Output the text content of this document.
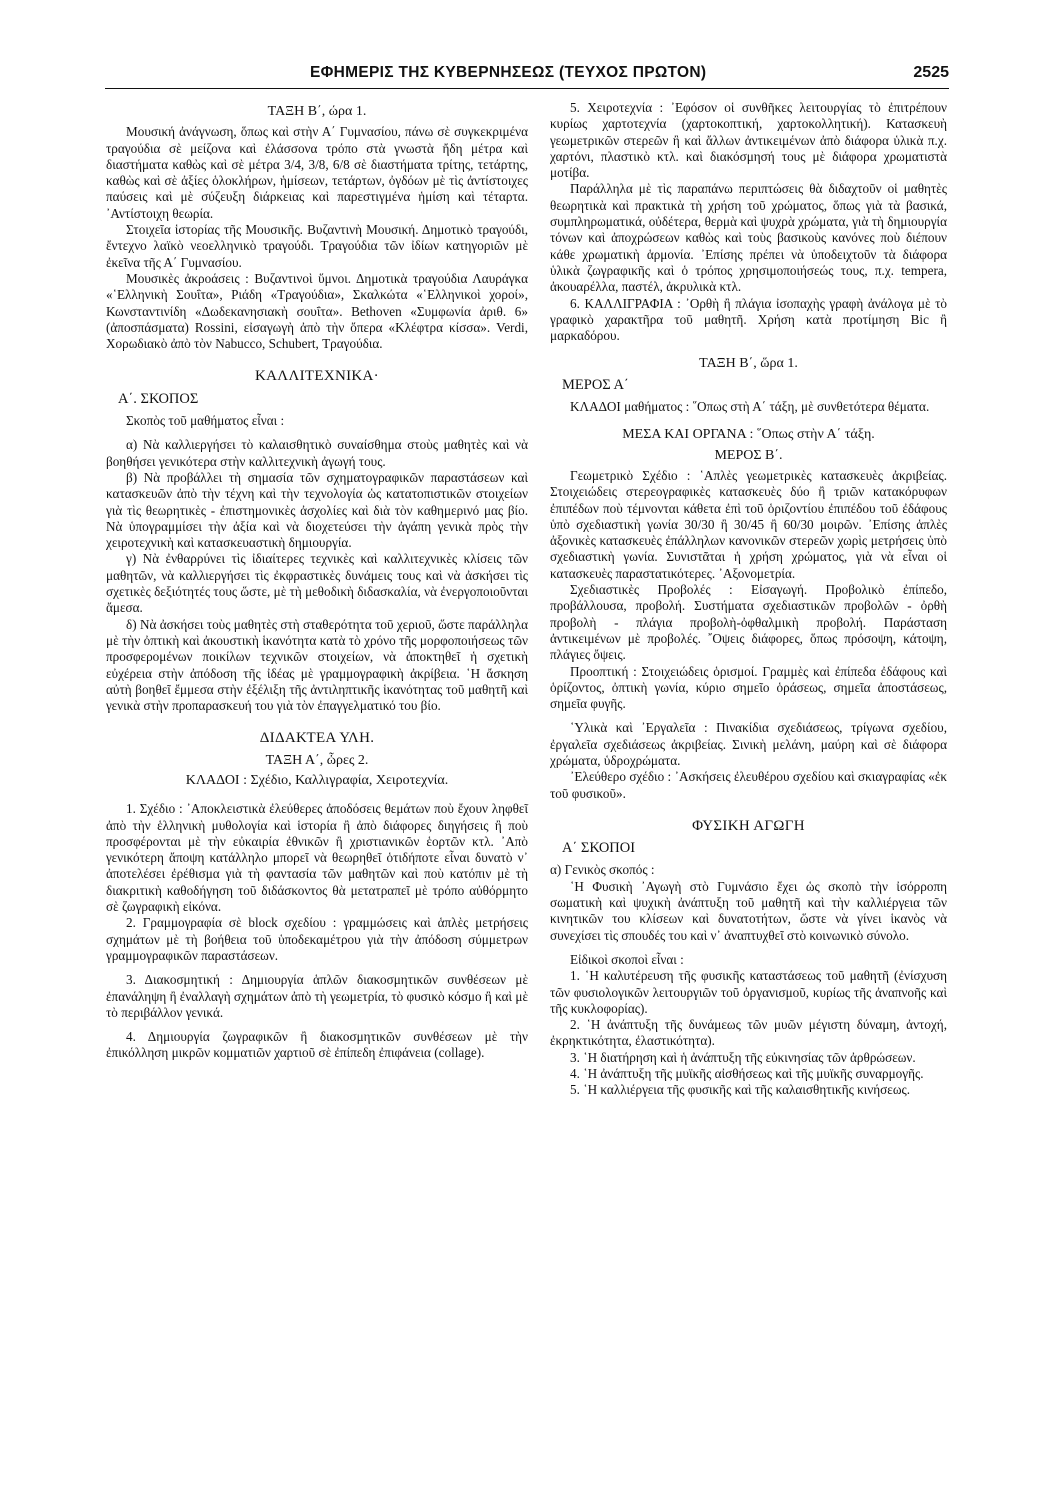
ΕΦΗΜΕΡΙΣ ΤΗΣ ΚΥΒΕΡΝΗΣΕΩΣ (ΤΕΥΧΟΣ ΠΡΩΤΟΝ)	2525

ΤΑΞΗ Β΄, ώρα 1.

Μουσική ἀνάγνωση, ὅπως καὶ στὴν Α΄ Γυμνασίου, πάνω σὲ συγκεκριμένα τραγούδια σὲ μείζονα καὶ ἐλάσσονα τρόπο στὰ γνωστὰ ἤδη μέτρα καὶ διαστήματα καθὼς καὶ σὲ μέτρα 3/4, 3/8, 6/8 σὲ διαστήματα τρίτης, τετάρτης, καθὼς καὶ σὲ ἀξίες ὁλοκλήρων, ἡμίσεων, τετάρτων, ὀγδόων μὲ τὶς ἀντίστοιχες παύσεις καὶ μὲ σύζευξη διάρκειας καὶ παρεστιγμένα ἡμίση καὶ τέταρτα. ᾽Αντίστοιχη θεωρία.

Στοιχεῖα ἱστορίας τῆς Μουσικῆς. Βυζαντινὴ Μουσική. Δημοτικὸ τραγούδι, ἔντεχνο λαϊκὸ νεοελληνικὸ τραγούδι. Τραγούδια τῶν ἰδίων κατηγοριῶν μὲ ἐκεῖνα τῆς Α΄ Γυμνασίου.

Μουσικὲς ἀκροάσεις : Βυζαντινοὶ ὕμνοι. Δημοτικὰ τραγούδια Λαυράγκα «῾Ελληνικὴ Σουΐτα», Ριάδη «Τραγούδια», Σκαλκώτα «῾Ελληνικοὶ χοροί», Κωνσταντινίδη «Δωδεκανησιακὴ σουΐτα». Bethoven «Συμφωνία ἀριθ. 6» (ἀποσπάσματα) Rossini, εἰσαγωγὴ ἀπὸ τὴν ὄπερα «Κλέφτρα κίσσα». Verdi, Χορωδιακὸ ἀπὸ τὸν Nabucco, Schubert, Τραγούδια.

ΚΑΛΛΙΤΕΧΝΙΚΑ·

Α΄. ΣΚΟΠΟΣ

Σκοπὸς τοῦ μαθήματος εἶναι :

α) Νὰ καλλιεργήσει τὸ καλαισθητικὸ συναίσθημα στοὺς μαθητὲς καὶ νὰ βοηθήσει γενικότερα στὴν καλλιτεχνικὴ ἀγωγή τους.

β) Νὰ προβάλλει τὴ σημασία τῶν σχηματογραφικῶν παραστάσεων καὶ κατασκευῶν ἀπὸ τὴν τέχνη καὶ τὴν τεχνολογία ὡς κατατοπιστικῶν στοιχείων γιὰ τὶς θεωρητικὲς - ἐπιστημονικὲς ἀσχολίες καὶ διὰ τὸν καθημερινό μας βίο. Νὰ ὑπογραμμίσει τὴν ἀξία καὶ νὰ διοχετεύσει τὴν ἀγάπη γενικὰ πρὸς τὴν χειροτεχνικὴ καὶ κατασκευαστικὴ δημιουργία.

γ) Νὰ ἐνθαρρύνει τὶς ἰδιαίτερες τεχνικὲς καὶ καλλιτεχνικὲς κλίσεις τῶν μαθητῶν, νὰ καλλιεργήσει τὶς ἐκφραστικὲς δυνάμεις τους καὶ νὰ ἀσκήσει τὶς σχετικὲς δεξιότητές τους ὥστε, μὲ τὴ μεθοδικὴ διδασκαλία, νὰ ἐνεργοποιοῦνται ἄμεσα.

δ) Νὰ ἀσκήσει τοὺς μαθητὲς στὴ σταθερότητα τοῦ χεριοῦ, ὥστε παράλληλα μὲ τὴν ὀπτικὴ καὶ ἀκουστικὴ ἱκανότητα κατὰ τὸ χρόνο τῆς μορφοποιήσεως τῶν προσφερομένων ποικίλων τεχνικῶν στοιχείων, νὰ ἀποκτηθεῖ ἡ σχετικὴ εὐχέρεια στὴν ἀπόδοση τῆς ἰδέας μὲ γραμμογραφικὴ ἀκρίβεια. ῾Η ἄσκηση αὐτὴ βοηθεῖ ἔμμεσα στὴν ἐξέλιξη τῆς ἀντιληπτικῆς ἱκανότητας τοῦ μαθητῆ καὶ γενικὰ στὴν προπαρασκευή του γιὰ τὸν ἐπαγγελματικό του βίο.

ΔΙΔΑΚΤΕΑ ΥΛΗ.

ΤΑΞΗ Α΄, ὧρες 2.

ΚΛΑΔΟΙ : Σχέδιο, Καλλιγραφία, Χειροτεχνία.

1. Σχέδιο : ᾽Αποκλειστικὰ ἐλεύθερες ἀποδόσεις θεμάτων ποὺ ἔχουν ληφθεῖ ἀπὸ τὴν ἑλληνικὴ μυθολογία καὶ ἱστορία ἢ ἀπὸ διάφορες διηγήσεις ἢ ποὺ προσφέρονται μὲ τὴν εὐκαιρία ἐθνικῶν ἢ χριστιανικῶν ἑορτῶν κτλ. ᾽Απὸ γενικότερη ἄποψη κατάλληλο μπορεῖ νὰ θεωρηθεῖ ὁτιδήποτε εἶναι δυνατὸ ν᾽ ἀποτελέσει ἐρέθισμα γιὰ τὴ φαντασία τῶν μαθητῶν καὶ ποὺ κατόπιν μὲ τὴ διακριτικὴ καθοδήγηση τοῦ διδάσκοντος θὰ μετατραπεῖ μὲ τρόπο αὐθόρμητο σὲ ζωγραφικὴ εἰκόνα.

2. Γραμμογραφία σὲ block σχεδίου : γραμμώσεις καὶ ἁπλὲς μετρήσεις σχημάτων μὲ τὴ βοήθεια τοῦ ὑποδεκαμέτρου γιὰ τὴν ἀπόδοση σύμμετρων γραμμογραφικῶν παραστάσεων.

3. Διακοσμητική : Δημιουργία ἁπλῶν διακοσμητικῶν συνθέσεων μὲ ἐπανάληψη ἢ ἐναλλαγὴ σχημάτων ἀπὸ τὴ γεωμετρία, τὸ φυσικὸ κόσμο ἢ καὶ μὲ τὸ περιβάλλον γενικά.

4. Δημιουργία ζωγραφικῶν ἢ διακοσμητικῶν συνθέσεων μὲ τὴν ἐπικόλληση μικρῶν κομματιῶν χαρτιοῦ σὲ ἐπίπεδη ἐπιφάνεια (collage).

5. Χειροτεχνία : ᾽Εφόσον οἱ συνθῆκες λειτουργίας τὸ ἐπιτρέπουν κυρίως χαρτοτεχνία (χαρτοκοπτική, χαρτοκολλητική). Κατασκευὴ γεωμετρικῶν στερεῶν ἢ καὶ ἄλλων ἀντικειμένων ἀπὸ διάφορα ὑλικὰ π.χ. χαρτόνι, πλαστικὸ κτλ. καὶ διακόσμησή τους μὲ διάφορα χρωματιστὰ μοτίβα.

Παράλληλα μὲ τὶς παραπάνω περιπτώσεις θὰ διδαχτοῦν οἱ μαθητὲς θεωρητικὰ καὶ πρακτικὰ τὴ χρήση τοῦ χρώματος, ὅπως γιὰ τὰ βασικά, συμπληρωματικά, οὐδέτερα, θερμὰ καὶ ψυχρὰ χρώματα, γιὰ τὴ δημιουργία τόνων καὶ ἀποχρώσεων καθὼς καὶ τοὺς βασικοὺς κανόνες ποὺ διέπουν κάθε χρωματικὴ ἁρμονία. ᾽Επίσης πρέπει νὰ ὑποδειχτοῦν τὰ διάφορα ὑλικὰ ζωγραφικῆς καὶ ὁ τρόπος χρησιμοποιήσεώς τους, π.χ. tempera, ἀκουαρέλλα, παστέλ, ἀκρυλικὰ κτλ.

6. ΚΑΛΛΙΓΡΑΦΙΑ : ᾽Ορθὴ ἢ πλάγια ἰσοπαχὴς γραφὴ ἀνάλογα μὲ τὸ γραφικὸ χαρακτῆρα τοῦ μαθητῆ. Χρήση κατὰ προτίμηση Bic ἢ μαρκαδόρου.

ΤΑΞΗ Β΄, ὥρα 1.

ΜΕΡΟΣ Α΄

ΚΛΑΔΟΙ μαθήματος : ῞Οπως στὴ Α΄ τάξη, μὲ συνθετότερα θέματα.

ΜΕΣΑ ΚΑΙ ΟΡΓΑΝΑ : ῞Οπως στὴν Α΄ τάξη.

ΜΕΡΟΣ Β΄.

Γεωμετρικὸ Σχέδιο : ῾Απλὲς γεωμετρικὲς κατασκευὲς ἀκριβείας. Στοιχειώδεις στερεογραφικὲς κατασκευὲς δύο ἢ τριῶν κατακόρυφων ἐπιπέδων ποὺ τέμνονται κάθετα ἐπὶ τοῦ ὁριζοντίου ἐπιπέδου τοῦ ἐδάφους ὑπὸ σχεδιαστικὴ γωνία 30/30 ἢ 30/45 ἢ 60/30 μοιρῶν. ᾽Επίσης ἁπλὲς ἀξονικὲς κατασκευὲς ἐπάλληλων κανονικῶν στερεῶν χωρὶς μετρήσεις ὑπὸ σχεδιαστικὴ γωνία. Συνιστᾶται ἡ χρήση χρώματος, γιὰ νὰ εἶναι οἱ κατασκευὲς παραστατικότερες. ᾽Αξονομετρία.

Σχεδιαστικὲς Προβολές : Εἰσαγωγή. Προβολικὸ ἐπίπεδο, προβάλλουσα, προβολή. Συστήματα σχεδιαστικῶν προβολῶν - ὀρθὴ προβολὴ - πλάγια προβολὴ-ὀφθαλμικὴ προβολή. Παράσταση ἀντικειμένων μὲ προβολές. ῎Οψεις διάφορες, ὅπως πρόσοψη, κάτοψη, πλάγιες ὄψεις.

Προοπτική : Στοιχειώδεις ὁρισμοί. Γραμμὲς καὶ ἐπίπεδα ἐδάφους καὶ ὁρίζοντος, ὀπτικὴ γωνία, κύριο σημεῖο ὁράσεως, σημεῖα ἀποστάσεως, σημεῖα φυγῆς.

῾Υλικὰ καὶ ᾽Εργαλεῖα : Πινακίδια σχεδιάσεως, τρίγωνα σχεδίου, ἐργαλεῖα σχεδιάσεως ἀκριβείας. Σινικὴ μελάνη, μαύρη καὶ σὲ διάφορα χρώματα, ὑδροχρώματα.

᾽Ελεύθερο σχέδιο : ᾽Ασκήσεις ἐλευθέρου σχεδίου καὶ σκιαγραφίας «ἐκ τοῦ φυσικοῦ».

ΦΥΣΙΚΗ ΑΓΩΓΗ

Α΄ ΣΚΟΠΟΙ

α) Γενικὸς σκοπός :

῾Η Φυσικὴ ᾽Αγωγὴ στὸ Γυμνάσιο ἔχει ὡς σκοπὸ τὴν ἰσόρροπη σωματικὴ καὶ ψυχικὴ ἀνάπτυξη τοῦ μαθητῆ καὶ τὴν καλλιέργεια τῶν κινητικῶν του κλίσεων καὶ δυνατοτήτων, ὥστε νὰ γίνει ἱκανὸς νὰ συνεχίσει τὶς σπουδές του καὶ ν᾽ ἀναπτυχθεῖ στὸ κοινωνικὸ σύνολο.

Εἰδικοὶ σκοποὶ εἶναι :

1. ῾Η καλυτέρευση τῆς φυσικῆς καταστάσεως τοῦ μαθητῆ (ἐνίσχυση τῶν φυσιολογικῶν λειτουργιῶν τοῦ ὀργανισμοῦ, κυρίως τῆς ἀναπνοῆς καὶ τῆς κυκλοφορίας).

2. ῾Η ἀνάπτυξη τῆς δυνάμεως τῶν μυῶν μέγιστη δύναμη, ἀντοχή, ἐκρηκτικότητα, ἐλαστικότητα).

3. ῾Η διατήρηση καὶ ἡ ἀνάπτυξη τῆς εὐκινησίας τῶν ἀρθρώσεων.

4. ῾Η ἀνάπτυξη τῆς μυϊκῆς αἰσθήσεως καὶ τῆς μυϊκῆς συναρμογῆς.

5. ῾Η καλλιέργεια τῆς φυσικῆς καὶ τῆς καλαισθητικῆς κινήσεως.
